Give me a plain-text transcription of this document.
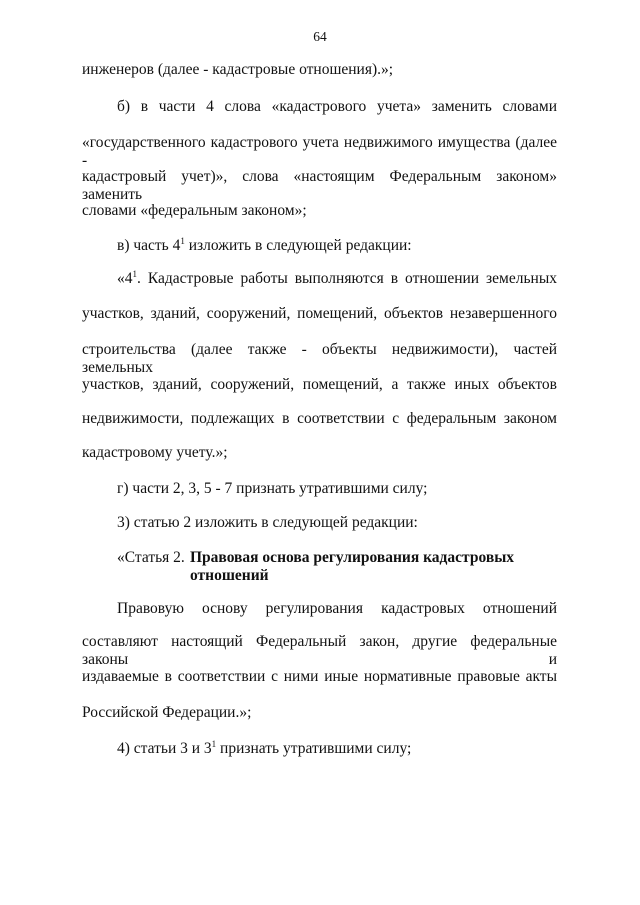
64
инженеров (далее - кадастровые отношения).»;
б) в части 4 слова «кадастрового учета» заменить словами
«государственного кадастрового учета недвижимого имущества (далее -
кадастровый учет)», слова «настоящим Федеральным законом» заменить
словами «федеральным законом»;
в) часть $4^1$ изложить в следующей редакции:
«$4^1$. Кадастровые работы выполняются в отношении земельных
участков, зданий, сооружений, помещений, объектов незавершенного
строительства (далее также - объекты недвижимости), частей земельных
участков, зданий, сооружений, помещений, а также иных объектов
недвижимости, подлежащих в соответствии с федеральным законом
кадастровому учету.»;
г) части 2, 3, 5 - 7 признать утратившими силу;
3) статью 2 изложить в следующей редакции:
«Статья 2. Правовая основа регулирования кадастровых
отношений
Правовую основу регулирования кадастровых отношений
составляют настоящий Федеральный закон, другие федеральные законы и
издаваемые в соответствии с ними иные нормативные правовые акты
Российской Федерации.»;
4) статьи 3 и $3^1$ признать утратившими силу;
